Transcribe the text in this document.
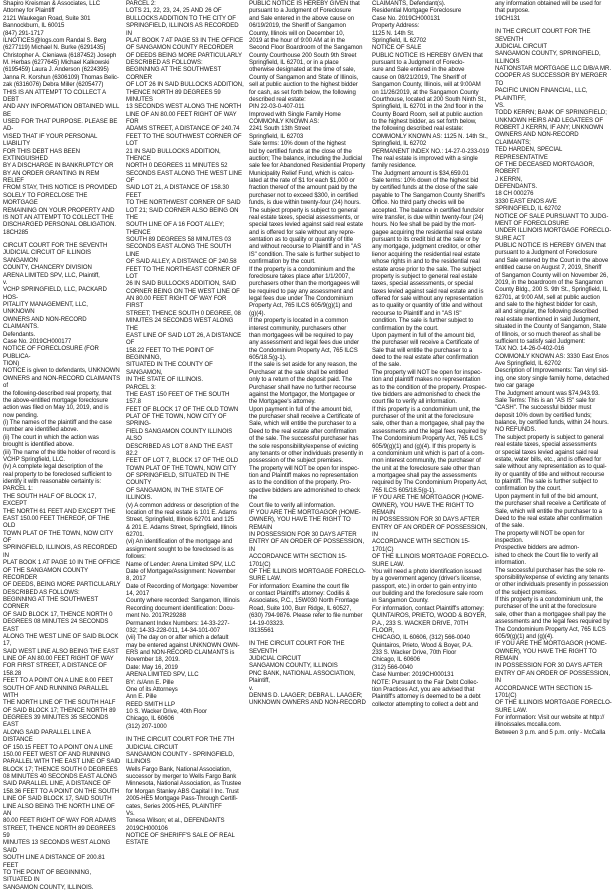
Shapiro Kreisman & Associates, LLC
Attorney for Plaintiff
2121 Waukegan Road, Suite 301
Bannockburn, IL 60015
(847) 291-1717
ILNOTICES@logs.com Randal S. Berg
(6277119) Michael N. Burke (6291435)
Christopher A. Cieniawa (6187452) Joseph
M. Herbas (6277645) Michael Kalkowski
(6195459) Laura J. Anderson (6224395)
Janna R. Korshun (6306109) Thomas Belic-
zak (6316076) Debra Miller (6205477)
THIS IS AN ATTEMPT TO COLLECT A DEBT
AND ANY INFORMATION OBTAINED WILL BE
USED FOR THAT PURPOSE. PLEASE BE AD-
VISED THAT IF YOUR PERSONAL LIABILITY
FOR THIS DEBT HAS BEEN EXTINGUISHED
BY A DISCHARGE IN BANKRUPTCY OR
BY AN ORDER GRANTING IN REM RELIEF
FROM STAY, THIS NOTICE IS PROVIDED
SOLELY TO FORECLOSE THE MORTGAGE
REMAINING ON YOUR PROPERTY AND
IS NOT AN ATTEMPT TO COLLECT THE
DISCHARGED PERSONAL OBLIGATION.
18CH285

CIRCUIT COURT FOR THE SEVENTH
JUDICIAL CIRCUIT OF ILLINOIS SANGAMON
COUNTY, CHANCERY DIVISION
ARENA LIMITED SPV, LLC, Plaintiff,
v.
VCHP SPRINGFIELD, LLC, PACKARD HOS-
PITALITY MANAGEMENT, LLC, UNKNOWN
OWNERS AND NON-RECORD CLAIMANTS.
Defendants.
Case No. 2019CH000177
NOTICE OF FORECLOSURE (FOR PUBLICA-
TION)
NOTICE is given to defendants, UNKNOWN
OWNERS and NON-RECORD CLAIMANTS of
the following-described real property, that
the above-entitled mortgage foreclosure
action was filed on May 10, 2019, and is
now pending.
(i) The names of the plaintiff and the case
number are identified above.
(ii) The court in which the action was
brought is identified above.
(iii) The name of the title holder of record is
VCHP Springfield, LLC.
(iv) A complete legal description of the
real property to be foreclosed sufficient to
identify it with reasonable certainty is:
PARCEL 1:
THE SOUTH HALF OF BLOCK 17, EXCEPT
THE NORTH 61 FEET AND EXCEPT THE
EAST 150.00 FEET THEREOF, OF THE OLD
TOWN PLAT OF THE TOWN, NOW CITY OF
SPRINGFIELD, ILLINOIS, AS RECORDED IN
PLAT BOOK 1 AT PAGE 10 IN THE OFFICE
OF THE SANGAMON COUNTY RECORDER
OF DEEDS, BEING MORE PARTICULARLY
DESCRIBED AS FOLLOWS:
BEGINNING AT THE SOUTHWEST CORNER
OF SAID BLOCK 17, THENCE NORTH 0
DEGREES 08 MINUTES 24 SECONDS EAST
ALONG THE WEST LINE OF SAID BLOCK 17,
SAID WEST LINE ALSO BEING THE EAST
LINE OF AN 80.00 FEET RIGHT OF WAY
FOR FIRST STREET, A DISTANCE OF 158.28
FEET TO A POINT ON A LINE 8.00 FEET
SOUTH OF AND RUNNING PARALLEL WITH
THE NORTH LINE OF THE SOUTH HALF
OF SAID BLOCK 17; THENCE NORTH 89
DEGREES 39 MINUTES 35 SECONDS EAST
ALONG SAID PARALLEL LINE A DISTANCE
OF 150.15 FEET TO A POINT ON A LINE
150.00 FEET WEST OF AND RUNNING
PARALLEL WITH THE EAST LINE OF SAID
BLOCK 17; THENCE SOUTH 0 DEGREES
08 MINUTES 40 SECONDS EAST ALONG
SAID PARALLEL LINE, A DISTANCE OF
158.36 FEET TO A POINT ON THE SOUTH
LINE OF SAID BLOCK 17, SAID SOUTH
LINE ALSO BEING THE NORTH LINE OF AN
80.00 FEET RIGHT OF WAY FOR ADAMS
STREET, THENCE NORTH 89 DEGREES 59
MINUTES 13 SECONDS WEST ALONG SAID
SOUTH LINE A DISTANCE OF 200.81 FEET
TO THE POINT OF BEGINNING, SITUATED IN
SANGAMON COUNTY, ILLINOIS.

PARCEL 2:
LOTS 21, 22, 23, 24, 25 AND 26 OF
BULLOCKS ADDITION TO THE CITY OF
SPRINGFIELD, ILLINOIS AS RECORDED IN
PLAT BOOK 7 AT PAGE 53 IN THE OFFICE
OF SANGAMON COUNTY RECORDER
OF DEEDS BEING MORE PARTICULARLY
DESCRIBED AS FOLLOWS:
BEGINNING AT THE SOUTHWEST CORNER
OF LOT 26 IN SAID BULLOCKS ADDITION,
THENCE NORTH 89 DEGREES 59 MINUTES
13 SECONDS WEST ALONG THE NORTH
LINE OF AN 80.00 FEET RIGHT OF WAY FOR
ADAMS STREET, A DISTANCE OF 240.74
FEET TO THE SOUTHWEST CORNER OF LOT
21 IN SAID BULLOCKS ADDITION, THENCE
NORTH 0 DEGREES 11 MINUTES 52
SECONDS EAST ALONG THE WEST LINE OF
SAID LOT 21, A DISTANCE OF 158.30 FEET
TO THE NORTHWEST CORNER OF SAID
LOT 21; SAID CORNER ALSO BEING ON THE
SOUTH LINE OF A 16 FOOT ALLEY; THENCE
SOUTH 89 DEGREES 58 MINUTES 03
SECONDS EAST ALONG THE SOUTH LINE
OF SAID ALLEY, A DISTANCE OF 240.58
FEET TO THE NORTHEAST CORNER OF LOT
26 IN SAID BULLOCKS ADDITION, SAID
CORNER BEING ON THE WEST LINE OF
AN 80.00 FEET RIGHT OF WAY FOR FIRST
STREET; THENCE SOUTH 0 DEGREE, 08
MINUTES 24 SECONDS WEST ALONG THE
EAST LINE OF SAID LOT 26, A DISTANCE OF
158.22 FEET TO THE POINT OF BEGINNING,
SITUATED IN THE COUNTY OF SANGAMON,
IN THE STATE OF ILLINOIS.
PARCEL 3:
THE EAST 150 FEET OF THE SOUTH 157.8
FEET OF BLOCK 17 OF THE OLD TOWN
PLAT OF THE TOWN, NOW CITY OF SPRING-
FIELD SANGAMON COUNTY ILLINOIS ALSO
DESCRIBED AS LOT 8 AND THE EAST 82.2
FEET OF LOT 7, BLOCK 17 OF THE OLD
TOWN PLAT OF THE TOWN, NOW CITY
OF SPRINGFIELD, SITUATED IN THE COUNTY
OF SANGAMON, IN THE STATE OF ILLINOIS.
(v) A common address or description of the
location of the real estate is 101 E. Adams
Street, Springfield, Illinois 62701 and 125
& 201 E. Adams Street, Springfield, Illinois 62701.
(vi) An identification of the mortgage and
assignment sought to be foreclosed is as
follows:
Name of Lender: Arena Limited SPV, LLC
Date of Mortgage/Assignment: November
8, 2017
Date of Recording of Mortgage: November
14, 2017
County where recorded: Sangamon, Illinois
Recording document identification: Docu-
ment No. 2017R29288
Permanent Index Numbers: 14-33-227-
032; 14-33-228-011, 14-34-101-007
(vii) The day on or after which a default
may be entered against UNKNOWN OWN-
ERS and NON-RECORD CLAIMANTS is
November 18, 2019.
Date: May 16, 2019
ARENA LIMITED SPV, LLC
BY: /s/Ann E. Pille
One of its Attorneys
Ann E. Pille
REED SMITH LLP
10 S. Wacker Drive, 40th Floor
Chicago, IL 60606
(312) 207-1000

IN THE CIRCUIT COURT FOR THE 7TH
JUDICIAL CIRCUIT
SANGAMON COUNTY - SPRINGFIELD,
ILLINOIS
Wells Fargo Bank, National Association,
successor by merger to Wells Fargo Bank
Minnesota, National Association, as Trustee
for Morgan Stanley ABS Capital I Inc. Trust
2005-HE5 Mortgage Pass-Through Certifi-
cates, Series 2005-HE5, PLAINTIFF
Vs.
Tonesa Wilson; et al., DEFENDANTS
2019CH000106
NOTICE OF SHERIFF'S SALE OF REAL
ESTATE

PUBLIC NOTICE IS HEREBY GIVEN that
pursuant to a Judgment of Foreclosure
and Sale entered in the above cause on
06/19/2019, the Sheriff of Sangamon
County, Illinois will on December 10,
2019 at the hour of 9:00 AM at in the
Second Floor Boardroom of the Sangamon
County Courthouse 200 South 9th Street
Springfield, IL 62701, or in a place
otherwise designated at the time of sale,
County of Sangamon and State of Illinois,
sell at public auction to the highest bidder
for cash, as set forth below, the following
described real estate:
PIN 22-03-0-407-011
Improved with Single Family Home
COMMONLY KNOWN AS:
2241 South 13th Street
Springfield, IL 62703
Sale terms: 10% down of the highest
bid by certified funds at the close of the
auction; The balance, including the Judicial
sale fee for Abandoned Residential Property
Municipality Relief Fund, which is calcu-
lated at the rate of $1 for each $1,000 or
fraction thereof of the amount paid by the
purchaser not to exceed $300, in certified
funds, is due within twenty-four (24) hours.
The subject property is subject to general
real estate taxes, special assessments, or
special taxes levied against said real estate
and is offered for sale without any repre-
sentation as to quality or quantity of title
and without recourse to Plaintiff and in "AS
IS" condition. The sale is further subject to
confirmation by the court.
If the property is a condominium and the
foreclosure takes place after 1/1/2007,
purchasers other than the mortgagees will
be required to pay any assessment and
legal fees due under The Condominium
Property Act, 765 ILCS 605/9(g)(1) and
(g)(4).
If the property is located in a common
interest community, purchasers other
than mortgagees will be required to pay
any assessment and legal fees due under
the Condominium Property Act, 765 ILCS
605/18.5(g-1).
If the sale is set aside for any reason, the
Purchaser at the sale shall be entitled
only to a return of the deposit paid. The
Purchaser shall have no further recourse
against the Mortgagor, the Mortgagee or
the Mortgagee's attorney.
Upon payment in full of the amount bid,
the purchaser shall receive a Certificate of
Sale, which will entitle the purchaser to a
Deed to the real estate after confirmation
of the sale. The successful purchaser has
the sole responsibility/expense of evicting
any tenants or other individuals presently in
possession of the subject premises.
The property will NOT be open for inspec-
tion and Plaintiff makes no representation
as to the condition of the property. Pro-
spective bidders are admonished to check the
Court file to verify all information.
IF YOU ARE THE MORTGAGOR (HOME-
OWNER), YOU HAVE THE RIGHT TO REMAIN
IN POSSESSION FOR 30 DAYS AFTER
ENTRY OF AN ORDER OF POSSESSION, IN
ACCORDANCE WITH SECTION 15-1701(C)
OF THE ILLINOIS MORTGAGE FORECLO-
SURE LAW.
For information: Examine the court file
or contact Plaintiff's attorney: Codilis &
Associates, P.C., 15W030 North Frontage
Road, Suite 100, Burr Ridge, IL 60527,
(630) 794-9876. Please refer to file number
14-19-03323.
I3135561

IN THE CIRCUIT COURT FOR THE SEVENTH
JUDICIAL CIRCUIT
SANGAMON COUNTY, ILLINOIS
PNC BANK, NATIONAL ASSOCIATION,
Plaintiff,
v.
DENNIS D. LAAGER; DEBRA L. LAAGER;
UNKNOWN OWNERS AND NON-RECORD

CLAIMANTS, Defendant(s).
Residential Mortgage Foreclosure
Case No. 2019CH000131
Property Address:
1125 N. 14th St.
Springfield, IL 62702
NOTICE OF SALE
PUBLIC NOTICE IS HEREBY GIVEN that
pursuant to a Judgment of Foreclo-
sure and Sale entered in the above
cause on 08/21/2019, The Sheriff of
Sangamon County, Illinois, will at 9:00AM
on 11/26/2019, at the Sangamon County
Courthouse, located at 200 South Ninth St.,
Springfield, IL 62701 in the 2nd floor in the
County Board Room, sell at public auction
to the highest bidder, as set forth below,
the following described real estate:
COMMONLY KNOWN AS: 1125 N. 14th St.,
Springfield, IL 62702
PERMANENT INDEX NO.: 14-27-0-233-019
The real estate is improved with a single
family residence.
The Judgment amount is $34,659.01
Sale terms: 10% down of the highest bid
by certified funds at the close of the sale
payable to The Sangamon County Sheriff's
Office. No third party checks will be
accepted. The balance in certified funds/or
wire transfer, is due within twenty-four (24)
hours. No fee shall be paid by the mort-
gagee acquiring the residential real estate
pursuant to its credit bid at the sale or by
any mortgage, judgment creditor, or other
lienor acquiring the residential real estate
whose rights in and to the residential real
estate arose prior to the sale. The subject
property is subject to general real estate
taxes, special assessments, or special
taxes levied against said real estate and is
offered for sale without any representation
as to quality or quantity of title and without
recourse to Plaintiff and in "AS IS"
condition. The sale is further subject to
confirmation by the court.
Upon payment in full of the amount bid,
the purchaser will receive a Certificate of
Sale that will entitle the purchaser to a
deed to the real estate after confirmation
of the sale.
The property will NOT be open for inspec-
tion and plaintiff makes no representation
as to the condition of the property. Prospec-
tive bidders are admonished to check the
court file to verify all information.
If this property is a condominium unit, the
purchaser of the unit at the foreclosure
sale, other than a mortgagee, shall pay the
assessments and the legal fees required by
The Condominium Property Act, 765 ILCS
605/9(g)(1) and (g)(4). If this property is
a condominium unit which is part of a com-
mon interest community, the purchaser of
the unit at the foreclosure sale other than
a mortgagee shall pay the assessments
required by The Condominium Property Act,
765 ILCS 605/18.5(g-1).
IF YOU ARE THE MORTGAGOR (HOME-
OWNER), YOU HAVE THE RIGHT TO REMAIN
IN POSSESSION FOR 30 DAYS AFTER
ENTRY OF AN ORDER OF POSSESSION, IN
ACCORDANCE WITH SECTION 15-1701(C)
OF THE ILLINOIS MORTGAGE FORECLO-
SURE LAW.
You will need a photo identification issued
by a government agency (driver's license,
passport, etc.) in order to gain entry into
our building and the foreclosure sale room
in Sangamon County.
For information, contact Plaintiff's attorney:
QUINTAIROS, PRIETO, WOOD & BOYER,
P.A., 233 S. WACKER DRIVE, 70TH FLOOR,
CHICAGO, IL 60606, (312) 566-0040
Quintairos, Prieto, Wood & Boyer, P.A.
233 S. Wacker Drive, 70th Floor
Chicago, IL 60606
(312) 566-0040
Case Number: 2019CH000131
NOTE: Pursuant to the Fair Debt Collec-
tion Practices Act, you are advised that
Plaintiff's attorney is deemed to be a debt
collector attempting to collect a debt and

any information obtained will be used for
that purpose.
19CH131

IN THE CIRCUIT COURT FOR THE SEVENTH
JUDICIAL CIRCUIT
SANGAMON COUNTY, SPRINGFIELD,
ILLINOIS
NATIONSTAR MORTGAGE LLC D/B/A MR.
COOPER AS SUCCESSOR BY MERGER TO
PACIFIC UNION FINANCIAL, LLC,
PLAINTIFF,
VS.
TODD KERRN; BANK OF SPRINGFIELD;
UNKNOWN HEIRS AND LEGATEES OF
ROBERT J KERRN, IF ANY; UNKNOWN
OWNERS AND NON-RECORD CLAIMANTS;
TED HARDEN, SPECIAL REPRESENTATIVE
OF THE DECEASED MORTGAGOR, ROBERT
J KERRN,
DEFENDANTS.
18 CH 000276
3330 EAST ENOS AVE
SPRINGFIELD, IL 62702
NOTICE OF SALE PURSUANT TO JUDG-
MENT OF FORECLOSURE
UNDER ILLINOIS MORTGAGE FORECLO-
SURE ACT
PUBLIC NOTICE IS HEREBY GIVEN that
pursuant to a Judgment of Foreclosure
and Sale entered by the Court in the above
entitled cause on August 7, 2019, Sheriff
of Sangamon County will on November 26,
2019, in the boardroom of the Sangamon
County Bldg., 200 S. 9th St., Springfield, IL
62701, at 9:00 AM, sell at public auction
and sale to the highest bidder for cash,
all and singular, the following described
real estate mentioned in said Judgment,
situated in the County of Sangamon, State
of Illinois, or so much thereof as shall be
sufficient to satisfy said Judgment:
TAX NO. 14-26-0-402-016
COMMONLY KNOWN AS: 3330 East Enos
Ave Springfield, IL 62702
Description of Improvements: Tan vinyl sid-
ing, one story single family home, detached
two car garage
The Judgment amount was $74,943.93.
Sale Terms: This is an "AS IS" sale for
"CASH". The successful bidder must
deposit 10% down by certified funds;
balance, by certified funds, within 24 hours.
NO REFUNDS.
The subject property is subject to general
real estate taxes, special assessments
or special taxes levied against said real
estate, water bills, etc., and is offered for
sale without any representation as to qual-
ity or quantity of title and without recourse
to plaintiff. The sale is further subject to
confirmation by the court.
Upon payment in full of the bid amount,
the purchaser shall receive a Certificate of
Sale, which will entitle the purchaser to a
Deed to the real estate after confirmation
of the sale.
The property will NOT be open for inspection.
Prospective bidders are admon-
ished to check the Court file to verify all
information.
The successful purchaser has the sole re-
sponsibility/expense of evicting any tenants
or other individuals presently in possession
of the subject premises.
If this property is a condominium unit, the
purchaser of the unit at the foreclosure
sale, other than a mortgagee shall pay the
assessments and the legal fees required by
The Condominium Property Act, 765 ILCS
605/9(g)(1) and (g)(4).
IF YOU ARE THE MORTGAGOR (HOME-
OWNER), YOU HAVE THE RIGHT TO REMAIN
IN POSSESSION FOR 30 DAYS AFTER
ENTRY OF AN ORDER OF POSSESSION, IN
ACCORDANCE WITH SECTION 15-1701(C)
OF THE ILLINOIS MORTGAGE FORECLO-
SURE LAW.
For information: Visit our website at http://
illinoissales.mccalla.com.
Between 3 p.m. and 5 p.m. only - McCalla
